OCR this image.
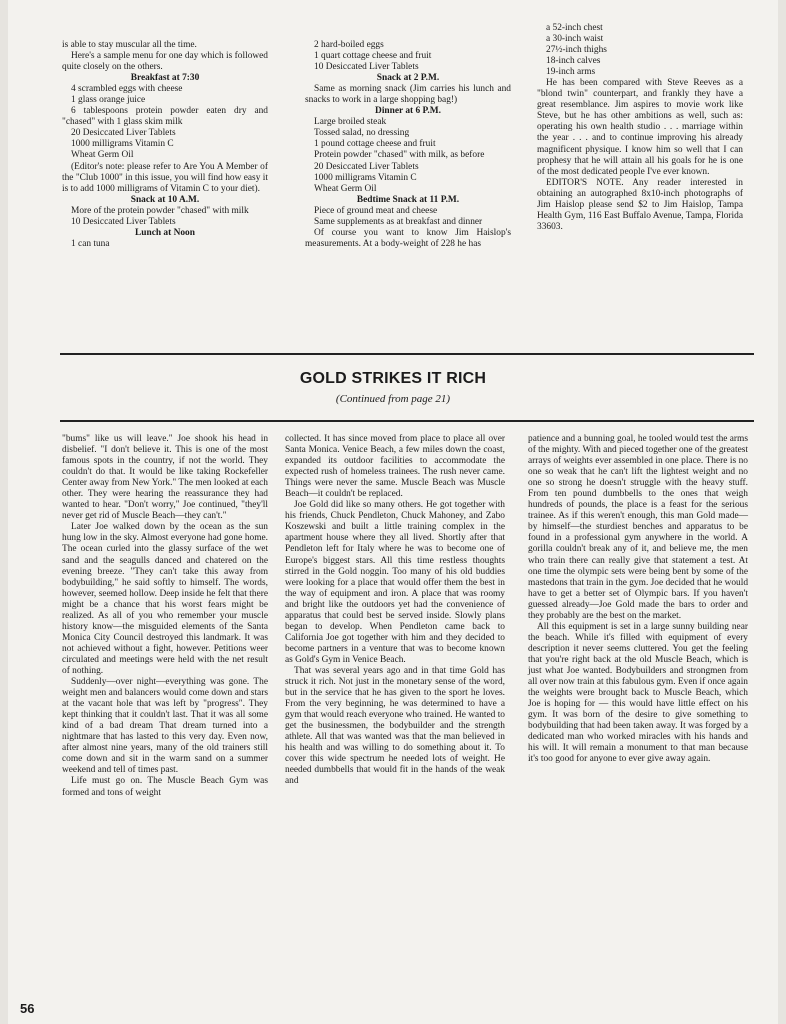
is able to stay muscular all the time.

Here's a sample menu for one day which is followed quite closely on the others.

Breakfast at 7:30

4 scrambled eggs with cheese

1 glass orange juice

6 tablespoons protein powder eaten dry and "chased" with 1 glass skim milk

20 Desiccated Liver Tablets

1000 milligrams Vitamin C

Wheat Germ Oil

(Editor's note: please refer to Are You A Member of the "Club 1000" in this issue, you will find how easy it is to add 1000 milligrams of Vitamin C to your diet).

Snack at 10 A.M.

More of the protein powder "chased" with milk

10 Desiccated Liver Tablets

Lunch at Noon

1 can tuna

2 hard-boiled eggs

1 quart cottage cheese and fruit

10 Desiccated Liver Tablets

Snack at 2 P.M.

Same as morning snack (Jim carries his lunch and snacks to work in a large shopping bag!)

Dinner at 6 P.M.

Large broiled steak

Tossed salad, no dressing

1 pound cottage cheese and fruit

Protein powder "chased" with milk, as before

20 Desiccated Liver Tablets

1000 milligrams Vitamin C

Wheat Germ Oil

Bedtime Snack at 11 P.M.

Piece of ground meat and cheese

Same supplements as at breakfast and dinner

Of course you want to know Jim Haislop's measurements. At a body-weight of 228 he has

a 52-inch chest

a 30-inch waist

27½-inch thighs

18-inch calves

19-inch arms

He has been compared with Steve Reeves as a "blond twin" counterpart, and frankly they have a great resemblance. Jim aspires to movie work like Steve, but he has other ambitions as well, such as: operating his own health studio . . . marriage within the year . . . and to continue improving his already magnificent physique. I know him so well that I can prophesy that he will attain all his goals for he is one of the most dedicated people I've ever known.

EDITOR'S NOTE. Any reader interested in obtaining an autographed 8x10-inch photographs of Jim Haislop please send $2 to Jim Haislop, Tampa Health Gym, 116 East Buffalo Avenue, Tampa, Florida 33603.

GOLD STRIKES IT RICH
(Continued from page 21)

"bums" like us will leave." Joe shook his head in disbelief. "I don't believe it. This is one of the most famous spots in the country, if not the world. They couldn't do that. It would be like taking Rockefeller Center away from New York." The men looked at each other. They were hearing the reassurance they had wanted to hear. "Don't worry," Joe continued, "they'll never get rid of Muscle Beach—they can't."

Later Joe walked down by the ocean as the sun hung low in the sky. Almost everyone had gone home. The ocean curled into the glassy surface of the wet sand and the seagulls danced and chatered on the evening breeze. "They can't take this away from bodybuilding," he said softly to himself. The words, however, seemed hollow. Deep inside he felt that there might be a chance that his worst fears might be realized. As all of you who remember your muscle history know—the misguided elements of the Santa Monica City Council destroyed this landmark. It was not achieved without a fight, however. Petitions weer circulated and meetings were held with the net result of nothing.

Suddenly—over night—everything was gone. The weight men and balancers would come down and stars at the vacant hole that was left by "progress". They kept thinking that it couldn't last. That it was all some kind of a bad dream That dream turned into a nightmare that has lasted to this very day. Even now, after almost nine years, many of the old trainers still come down and sit in the warm sand on a summer weekend and tell of times past.

Life must go on. The Muscle Beach Gym was formed and tons of weight

collected. It has since moved from place to place all over Santa Monica. Venice Beach, a few miles down the coast, expanded its outdoor facilities to accommodate the expected rush of homeless trainees. The rush never came. Things were never the same. Muscle Beach was Muscle Beach—it couldn't be replaced.

Joe Gold did like so many others. He got together with his friends, Chuck Pendleton, Chuck Mahoney, and Zabo Koszewski and built a little training complex in the apartment house where they all lived. Shortly after that Pendleton left for Italy where he was to become one of Europe's biggest stars. All this time restless thoughts stirred in the Gold noggin. Too many of his old buddies were looking for a place that would offer them the best in the way of equipment and iron. A place that was roomy and bright like the outdoors yet had the convenience of apparatus that could best be served inside. Slowly plans began to develop. When Pendleton came back to California Joe got together with him and they decided to become partners in a venture that was to become known as Gold's Gym in Venice Beach.

That was several years ago and in that time Gold has struck it rich. Not just in the monetary sense of the word, but in the service that he has given to the sport he loves. From the very beginning, he was determined to have a gym that would reach everyone who trained. He wanted to get the businessmen, the bodybuilder and the strength athlete. All that was wanted was that the man believed in his health and was willing to do something about it. To cover this wide spectrum he needed lots of weight. He needed dumbbells that would fit in the hands of the weak and

patience and a bunning goal, he tooled would test the arms of the mighty. With and pieced together one of the greatest arrays of weights ever assembled in one place. There is no one so weak that he can't lift the lightest weight and no one so strong he doesn't struggle with the heavy stuff. From ten pound dumbbells to the ones that weigh hundreds of pounds, the place is a feast for the serious trainee. As if this weren't enough, this man Gold made—by himself—the sturdiest benches and apparatus to be found in a professional gym anywhere in the world. A gorilla couldn't break any of it, and believe me, the men who train there can really give that statement a test. At one time the olympic sets were being bent by some of the mastedons that train in the gym. Joe decided that he would have to get a better set of Olympic bars. If you haven't guessed already—Joe Gold made the bars to order and they probably are the best on the market.

All this equipment is set in a large sunny building near the beach. While it's filled with equipment of every description it never seems cluttered. You get the feeling that you're right back at the old Muscle Beach, which is just what Joe wanted. Bodybuilders and strongmen from all over now train at this fabulous gym. Even if once again the weights were brought back to Muscle Beach, which Joe is hoping for — this would have little effect on his gym. It was born of the desire to give something to bodybuilding that had been taken away. It was forged by a dedicated man who worked miracles with his hands and his will. It will remain a monument to that man because it's too good for anyone to ever give away again.

56
